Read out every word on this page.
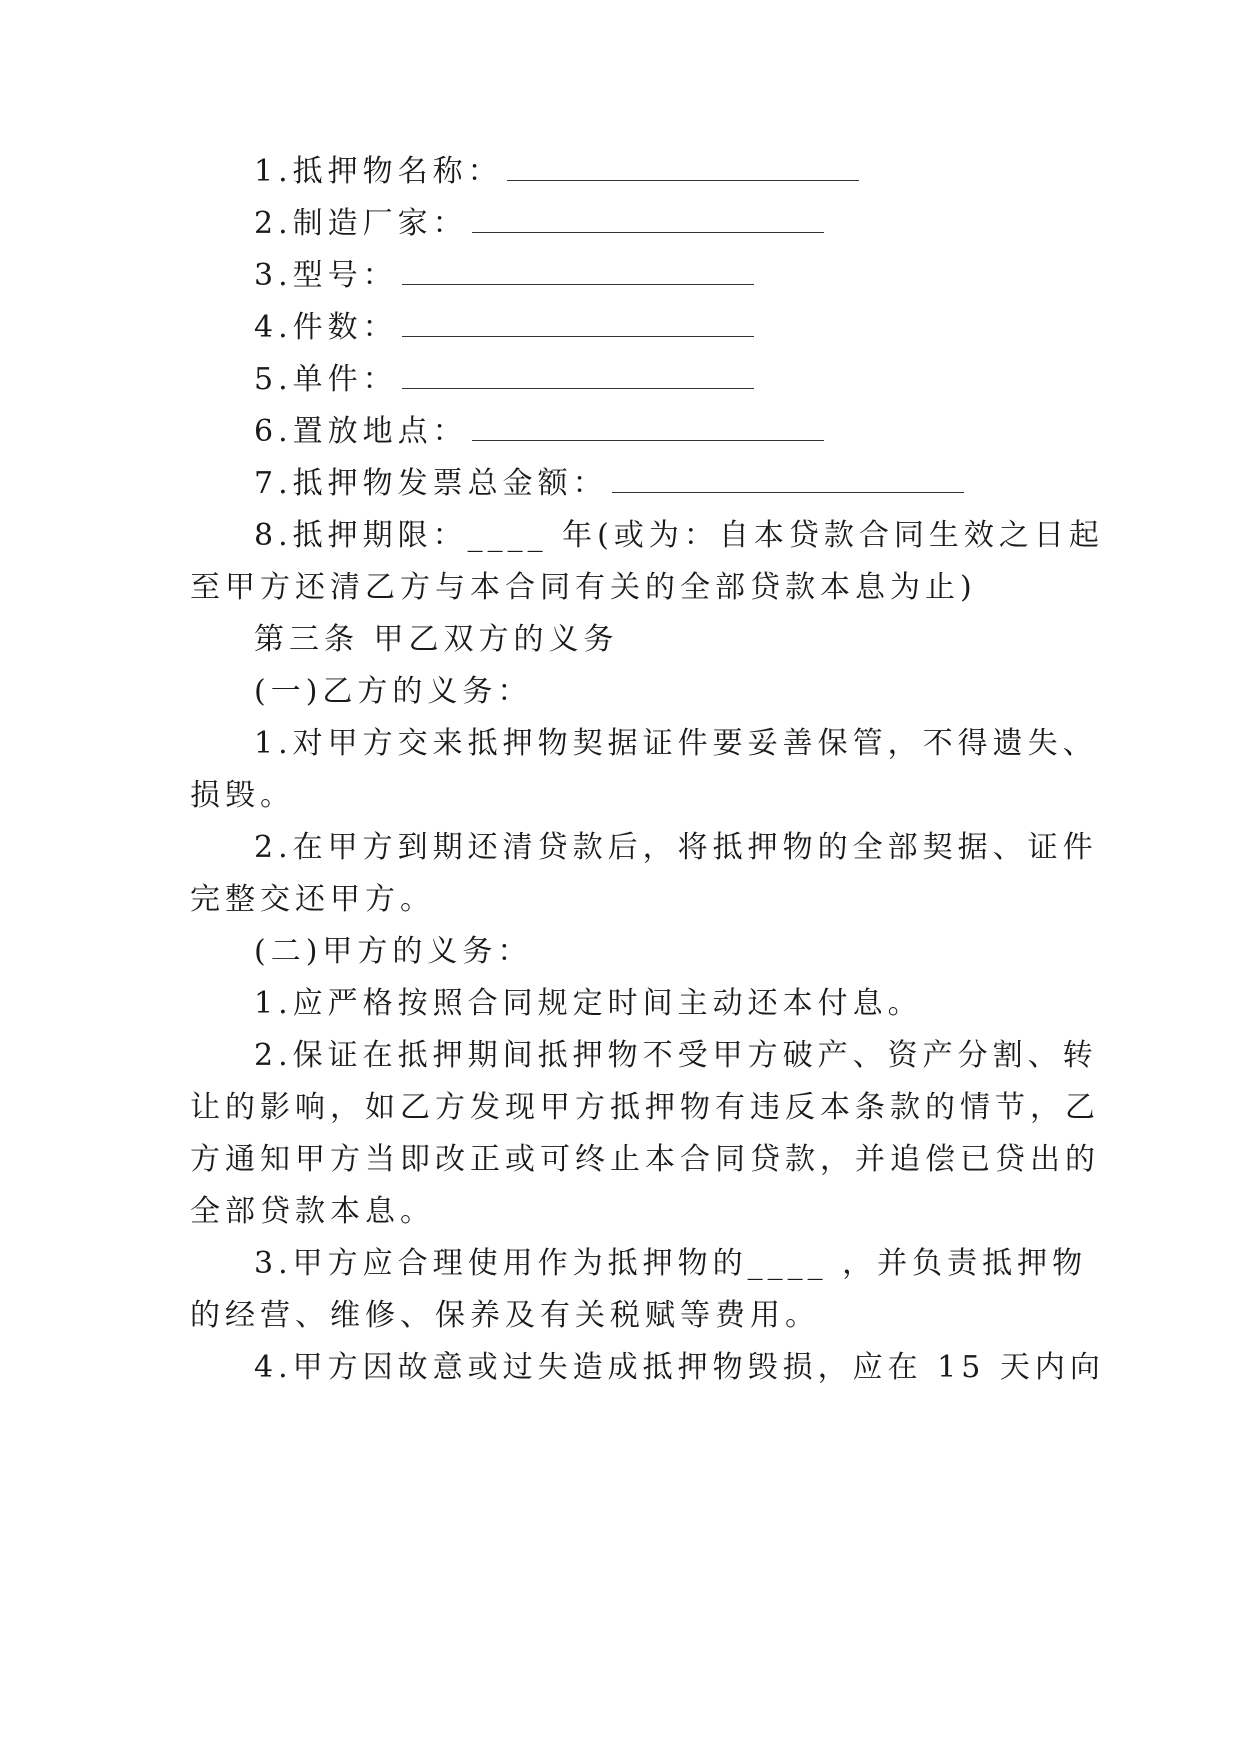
1.抵押物名称：
2.制造厂家：
3.型号：
4.件数：
5.单件：
6.置放地点：
7.抵押物发票总金额：
8.抵押期限：____ 年(或为：自本贷款合同生效之日起
至甲方还清乙方与本合同有关的全部贷款本息为止)
第三条 甲乙双方的义务
(一)乙方的义务：
1.对甲方交来抵押物契据证件要妥善保管，不得遗失、
损毁。
2.在甲方到期还清贷款后，将抵押物的全部契据、证件
完整交还甲方。
(二)甲方的义务：
1.应严格按照合同规定时间主动还本付息。
2.保证在抵押期间抵押物不受甲方破产、资产分割、转
让的影响，如乙方发现甲方抵押物有违反本条款的情节，乙
方通知甲方当即改正或可终止本合同贷款，并追偿已贷出的
全部贷款本息。
3.甲方应合理使用作为抵押物的____ ，并负责抵押物
的经营、维修、保养及有关税赋等费用。
4.甲方因故意或过失造成抵押物毁损，应在 15 天内向
